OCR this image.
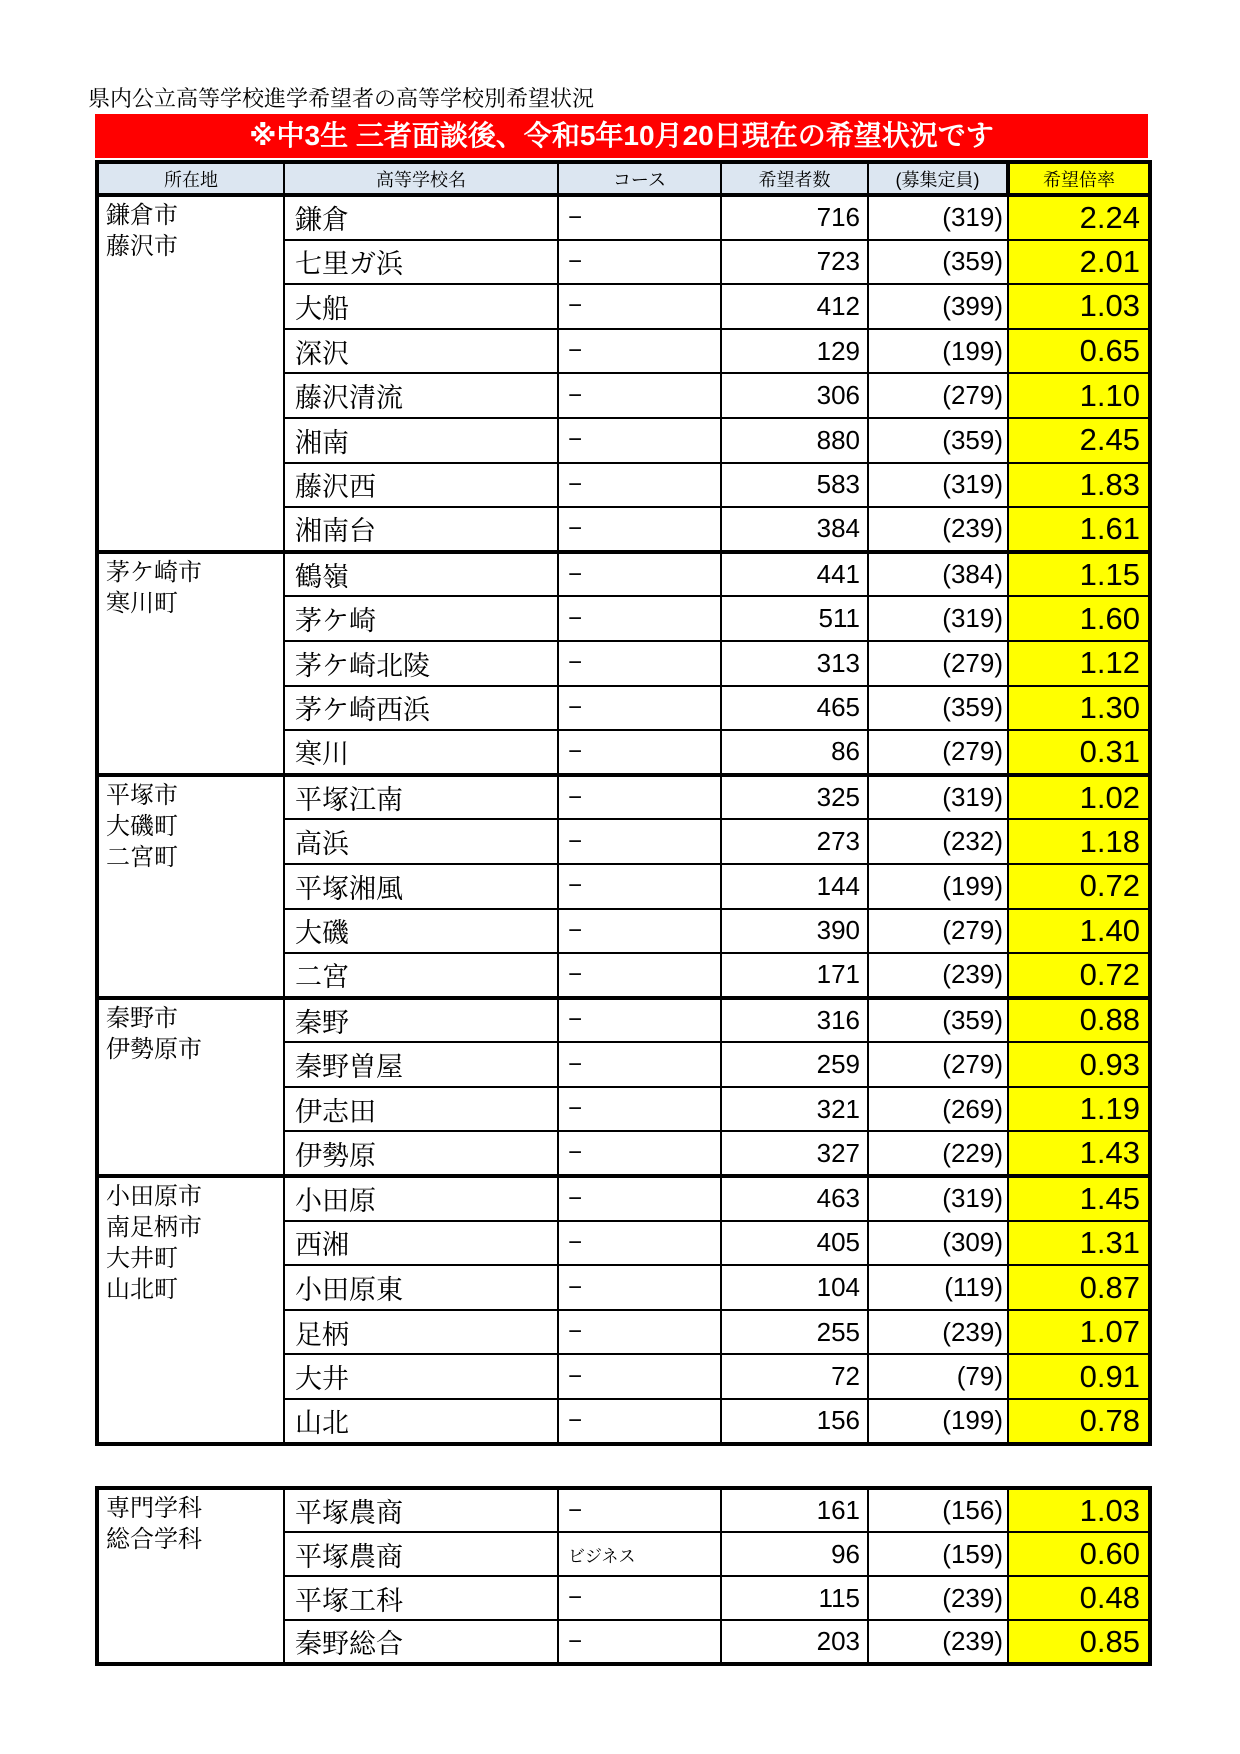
県内公立高等学校進学希望者の高等学校別希望状況
※中3生 三者面談後、令和5年10月20日現在の希望状況です
所在地	高等学校名	コース	希望者数	(募集定員)	希望倍率

鎌倉市
藤沢市	鎌倉	−	716	(319)	2.24
	七里ガ浜	−	723	(359)	2.01
	大船	−	412	(399)	1.03
	深沢	−	129	(199)	0.65
	藤沢清流	−	306	(279)	1.10
	湘南	−	880	(359)	2.45
	藤沢西	−	583	(319)	1.83
	湘南台	−	384	(239)	1.61

茅ケ崎市
寒川町	鶴嶺	−	441	(384)	1.15
	茅ケ崎	−	511	(319)	1.60
	茅ケ崎北陵	−	313	(279)	1.12
	茅ケ崎西浜	−	465	(359)	1.30
	寒川	−	86	(279)	0.31

平塚市
大磯町
二宮町	平塚江南	−	325	(319)	1.02
	高浜	−	273	(232)	1.18
	平塚湘風	−	144	(199)	0.72
	大磯	−	390	(279)	1.40
	二宮	−	171	(239)	0.72

秦野市
伊勢原市	秦野	−	316	(359)	0.88
	秦野曽屋	−	259	(279)	0.93
	伊志田	−	321	(269)	1.19
	伊勢原	−	327	(229)	1.43

小田原市
南足柄市
大井町
山北町	小田原	−	463	(319)	1.45
	西湘	−	405	(309)	1.31
	小田原東	−	104	(119)	0.87
	足柄	−	255	(239)	1.07
	大井	−	72	(79)	0.91
	山北	−	156	(199)	0.78
専門学科
総合学科	平塚農商	−	161	(156)	1.03
	平塚農商	ビジネス	96	(159)	0.60
	平塚工科	−	115	(239)	0.48
	秦野総合	−	203	(239)	0.85
